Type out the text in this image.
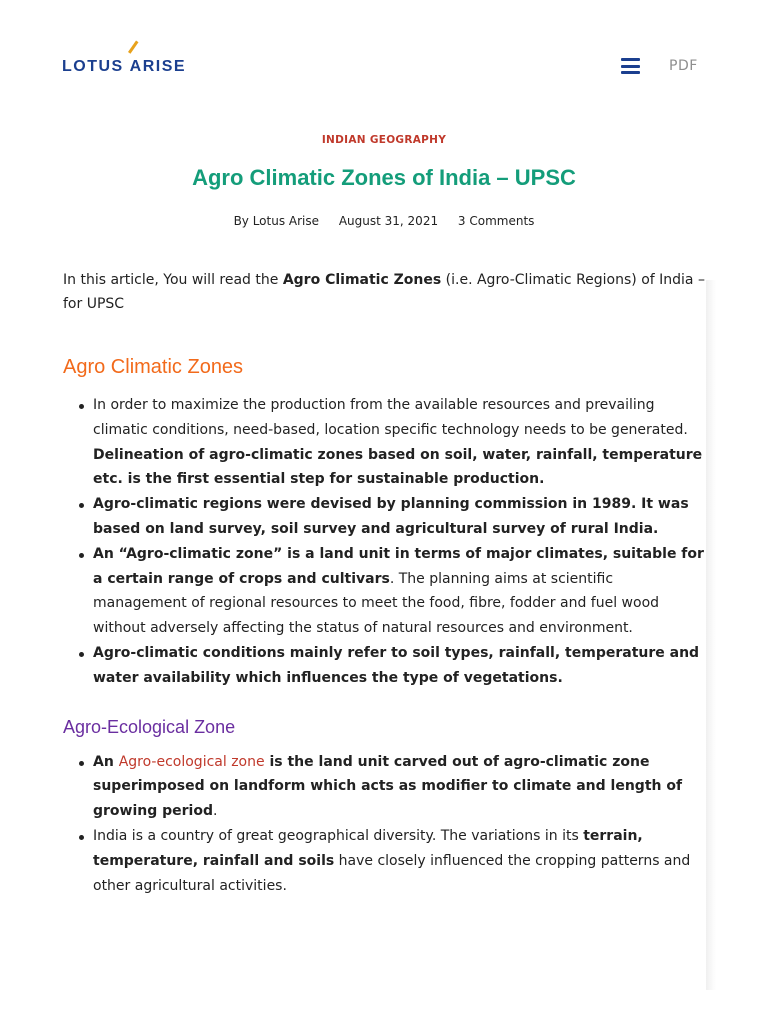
LOTUS
ARISE	PDF
INDIAN GEOGRAPHY
Agro Climatic Zones of India – UPSC
By Lotus Arise August 31, 2021 3 Comments

In this article, You will read the Agro Climatic Zones (i.e. Agro-Climatic Regions) of India – for UPSC

Agro Climatic Zones
In order to maximize the production from the available resources and prevailing climatic conditions, need-based, location specific technology needs to be generated. Delineation of agro-climatic zones based on soil, water, rainfall, temperature etc. is the first essential step for sustainable production.
Agro-climatic regions were devised by planning commission in 1989. It was based on land survey, soil survey and agricultural survey of rural India.
An “Agro-climatic zone” is a land unit in terms of major climates, suitable for a certain range of crops and cultivars. The planning aims at scientific management of regional resources to meet the food, fibre, fodder and fuel wood without adversely affecting the status of natural resources and environment.
Agro-climatic conditions mainly refer to soil types, rainfall, temperature and water availability which influences the type of vegetations.
Agro-Ecological Zone
An Agro-ecological zone is the land unit carved out of agro-climatic zone superimposed on landform which acts as modifier to climate and length of growing period.
India is a country of great geographical diversity. The variations in its terrain, temperature, rainfall and soils have closely influenced the cropping patterns and other agricultural activities.
